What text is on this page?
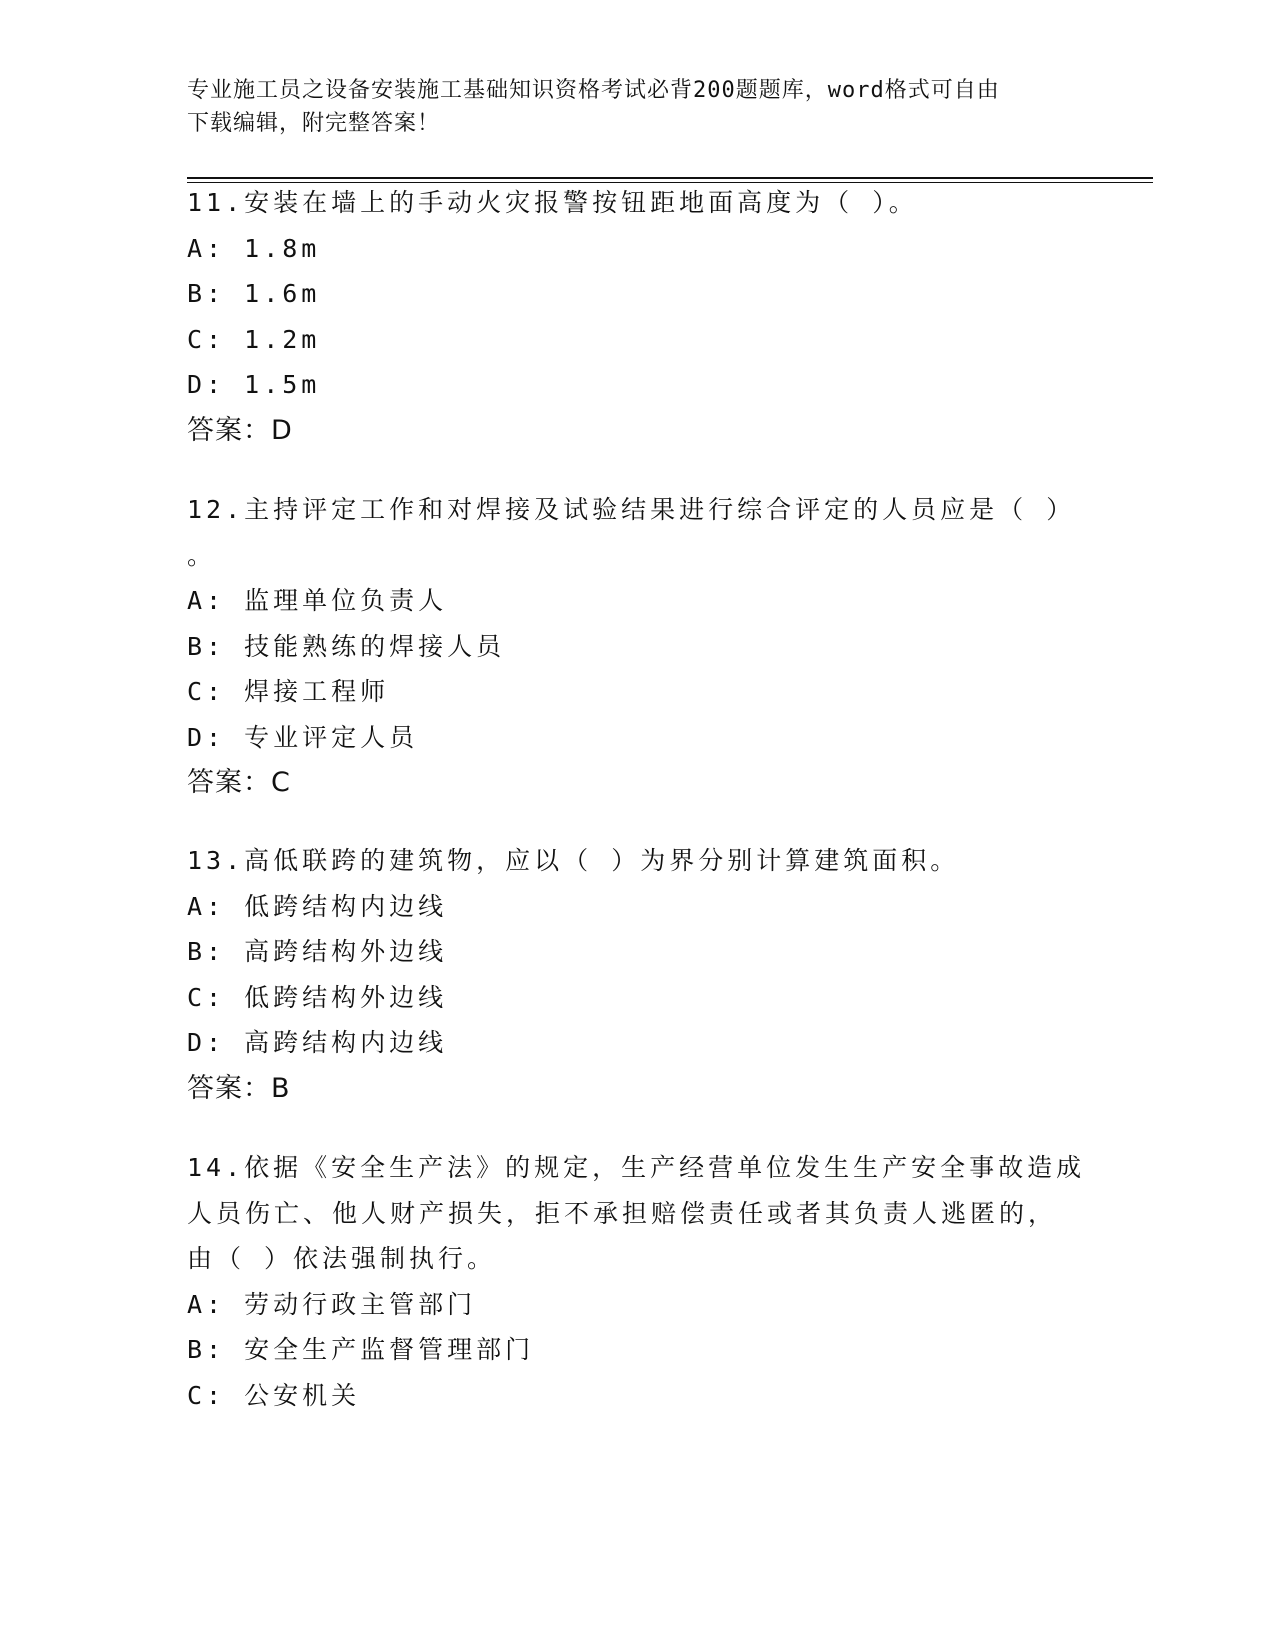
专业施工员之设备安装施工基础知识资格考试必背200题题库，word格式可自由
下载编辑，附完整答案！
11.安装在墙上的手动火灾报警按钮距地面高度为（ ）。
A: 1.8m
B: 1.6m
C: 1.2m
D: 1.5m
答案：D
12.主持评定工作和对焊接及试验结果进行综合评定的人员应是（ ）
。
A: 监理单位负责人
B: 技能熟练的焊接人员
C: 焊接工程师
D: 专业评定人员
答案：C
13.高低联跨的建筑物，应以（ ）为界分别计算建筑面积。
A: 低跨结构内边线
B: 高跨结构外边线
C: 低跨结构外边线
D: 高跨结构内边线
答案：B
14.依据《安全生产法》的规定，生产经营单位发生生产安全事故造成
人员伤亡、他人财产损失，拒不承担赔偿责任或者其负责人逃匿的，
由（ ）依法强制执行。
A: 劳动行政主管部门
B: 安全生产监督管理部门
C: 公安机关
